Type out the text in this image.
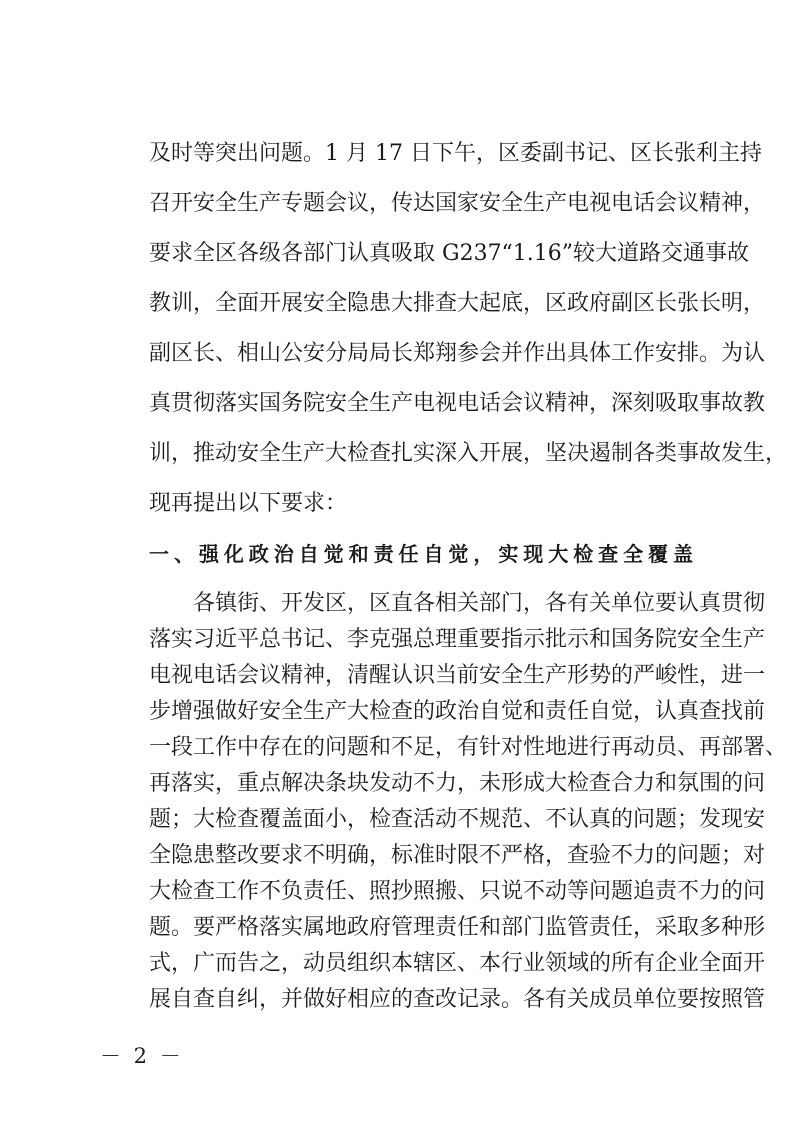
及时等突出问题。1 月 17 日下午，区委副书记、区长张利主持
召开安全生产专题会议，传达国家安全生产电视电话会议精神，
要求全区各级各部门认真吸取 G237“1.16”较大道路交通事故
教训，全面开展安全隐患大排查大起底，区政府副区长张长明，
副区长、相山公安分局局长郑翔参会并作出具体工作安排。为认
真贯彻落实国务院安全生产电视电话会议精神，深刻吸取事故教
训，推动安全生产大检查扎实深入开展，坚决遏制各类事故发生，
现再提出以下要求：
一、强化政治自觉和责任自觉，实现大检查全覆盖
各镇街、开发区，区直各相关部门，各有关单位要认真贯彻
落实习近平总书记、李克强总理重要指示批示和国务院安全生产
电视电话会议精神，清醒认识当前安全生产形势的严峻性，进一
步增强做好安全生产大检查的政治自觉和责任自觉，认真查找前
一段工作中存在的问题和不足，有针对性地进行再动员、再部署、
再落实，重点解决条块发动不力，未形成大检查合力和氛围的问
题；大检查覆盖面小，检查活动不规范、不认真的问题；发现安
全隐患整改要求不明确，标准时限不严格，查验不力的问题；对
大检查工作不负责任、照抄照搬、只说不动等问题追责不力的问
题。要严格落实属地政府管理责任和部门监管责任，采取多种形
式，广而告之，动员组织本辖区、本行业领域的所有企业全面开
展自查自纠，并做好相应的查改记录。各有关成员单位要按照管
－ 2 －
